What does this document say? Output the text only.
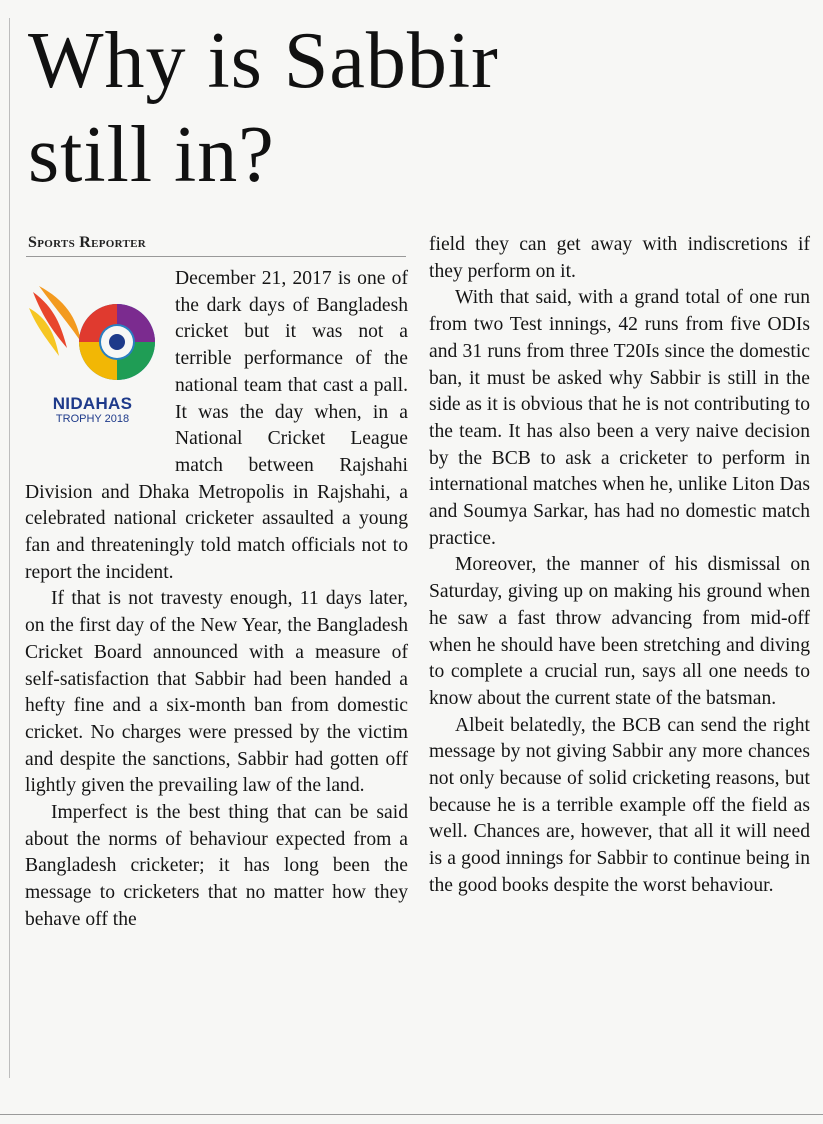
Why is Sabbir
still in?
Sports Reporter
NIDAHAS
TROPHY 2018

December 21, 2017 is one of the dark days of Bangladesh cricket but it was not a terrible performance of the national team that cast a pall. It was the day when, in a National Cricket League match between Rajshahi Division and Dhaka Metropolis in Rajshahi, a celebrated national cricketer assaulted a young fan and threateningly told match officials not to report the incident.

If that is not travesty enough, 11 days later, on the first day of the New Year, the Bangladesh Cricket Board announced with a measure of self-satisfaction that Sabbir had been handed a hefty fine and a six-month ban from domestic cricket. No charges were pressed by the victim and despite the sanctions, Sabbir had gotten off lightly given the prevailing law of the land.

Imperfect is the best thing that can be said about the norms of behaviour expected from a Bangladesh cricketer; it has long been the message to cricketers that no matter how they behave off the

field they can get away with indiscretions if they perform on it.

With that said, with a grand total of one run from two Test innings, 42 runs from five ODIs and 31 runs from three T20Is since the domestic ban, it must be asked why Sabbir is still in the side as it is obvious that he is not contributing to the team. It has also been a very naive decision by the BCB to ask a cricketer to perform in international matches when he, unlike Liton Das and Soumya Sarkar, has had no domestic match practice.

Moreover, the manner of his dismissal on Saturday, giving up on making his ground when he saw a fast throw advancing from mid-off when he should have been stretching and diving to complete a crucial run, says all one needs to know about the current state of the batsman.

Albeit belatedly, the BCB can send the right message by not giving Sabbir any more chances not only because of solid cricketing reasons, but because he is a terrible example off the field as well. Chances are, however, that all it will need is a good innings for Sabbir to continue being in the good books despite the worst behaviour.
